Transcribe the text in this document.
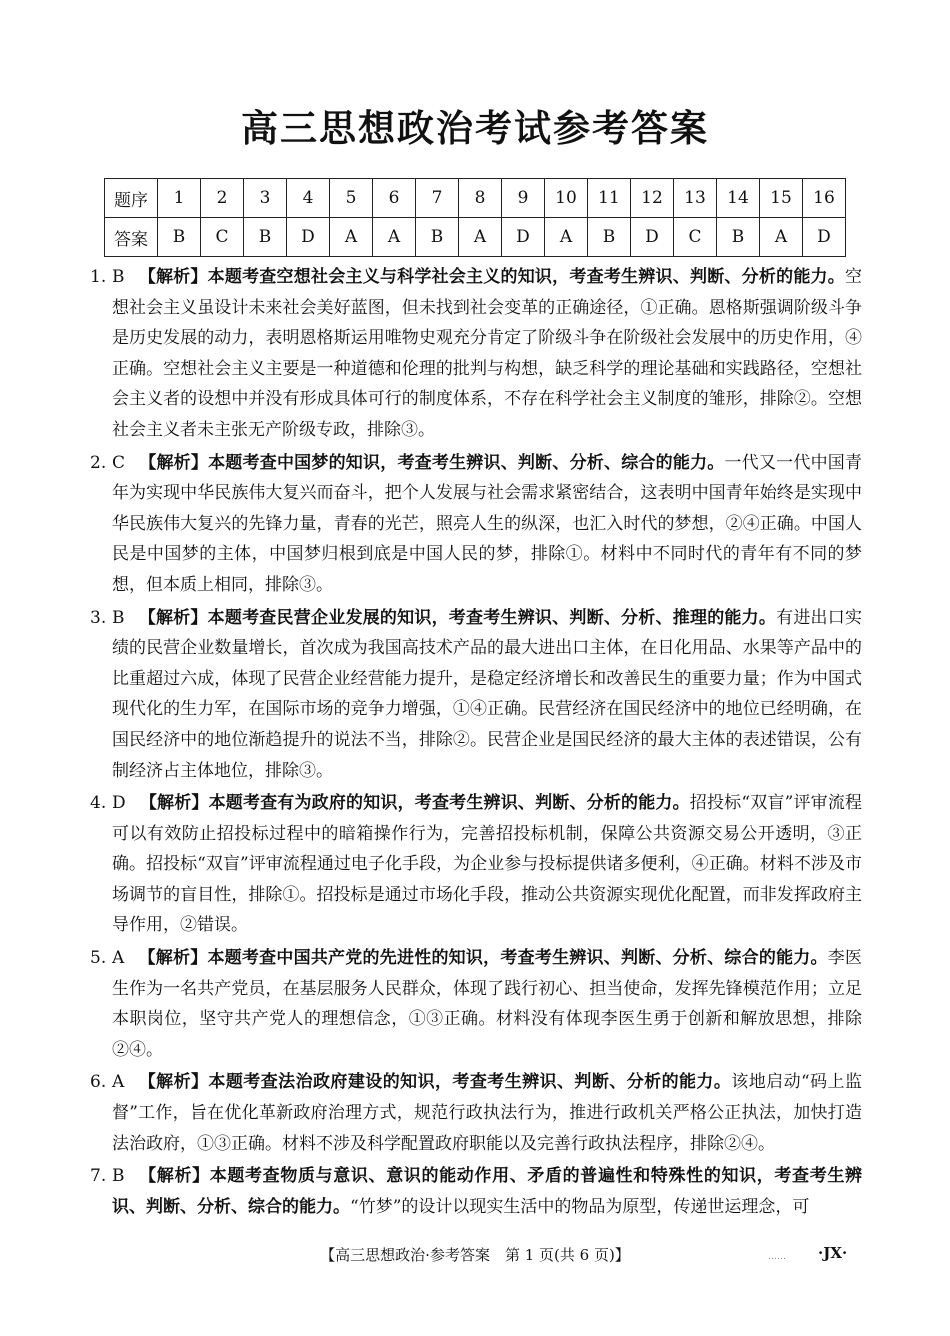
高三思想政治考试参考答案
题序	1	2	3	4	5	6	7	8	9	10	11	12	13	14	15	16
答案	B	C	B	D	A	A	B	A	D	A	B	D	C	B	A	D
1. B 【解析】本题考查空想社会主义与科学社会主义的知识，考查考生辨识、判断、分析的能力。空想社会主义虽设计未来社会美好蓝图，但未找到社会变革的正确途径，①正确。恩格斯强调阶级斗争是历史发展的动力，表明恩格斯运用唯物史观充分肯定了阶级斗争在阶级社会发展中的历史作用，④正确。空想社会主义主要是一种道德和伦理的批判与构想，缺乏科学的理论基础和实践路径，空想社会主义者的设想中并没有形成具体可行的制度体系，不存在科学社会主义制度的雏形，排除②。空想社会主义者未主张无产阶级专政，排除③。
2. C 【解析】本题考查中国梦的知识，考查考生辨识、判断、分析、综合的能力。一代又一代中国青年为实现中华民族伟大复兴而奋斗，把个人发展与社会需求紧密结合，这表明中国青年始终是实现中华民族伟大复兴的先锋力量，青春的光芒，照亮人生的纵深，也汇入时代的梦想，②④正确。中国人民是中国梦的主体，中国梦归根到底是中国人民的梦，排除①。材料中不同时代的青年有不同的梦想，但本质上相同，排除③。
3. B 【解析】本题考查民营企业发展的知识，考查考生辨识、判断、分析、推理的能力。有进出口实绩的民营企业数量增长，首次成为我国高技术产品的最大进出口主体，在日化用品、水果等产品中的比重超过六成，体现了民营企业经营能力提升，是稳定经济增长和改善民生的重要力量；作为中国式现代化的生力军，在国际市场的竞争力增强，①④正确。民营经济在国民经济中的地位已经明确，在国民经济中的地位渐趋提升的说法不当，排除②。民营企业是国民经济的最大主体的表述错误，公有制经济占主体地位，排除③。
4. D 【解析】本题考查有为政府的知识，考查考生辨识、判断、分析的能力。招投标“双盲”评审流程可以有效防止招投标过程中的暗箱操作行为，完善招投标机制，保障公共资源交易公开透明，③正确。招投标“双盲”评审流程通过电子化手段，为企业参与投标提供诸多便利，④正确。材料不涉及市场调节的盲目性，排除①。招投标是通过市场化手段，推动公共资源实现优化配置，而非发挥政府主导作用，②错误。
5. A 【解析】本题考查中国共产党的先进性的知识，考查考生辨识、判断、分析、综合的能力。李医生作为一名共产党员，在基层服务人民群众，体现了践行初心、担当使命，发挥先锋模范作用；立足本职岗位，坚守共产党人的理想信念，①③正确。材料没有体现李医生勇于创新和解放思想，排除②④。
6. A 【解析】本题考查法治政府建设的知识，考查考生辨识、判断、分析的能力。该地启动“码上监督”工作，旨在优化革新政府治理方式，规范行政执法行为，推进行政机关严格公正执法，加快打造法治政府，①③正确。材料不涉及科学配置政府职能以及完善行政执法程序，排除②④。
7. B 【解析】本题考查物质与意识、意识的能动作用、矛盾的普遍性和特殊性的知识，考查考生辨识、判断、分析、综合的能力。“竹梦”的设计以现实生活中的物品为原型，传递世运理念，可
【高三思想政治·参考答案　第 1 页(共 6 页)】	…… ·JX·
